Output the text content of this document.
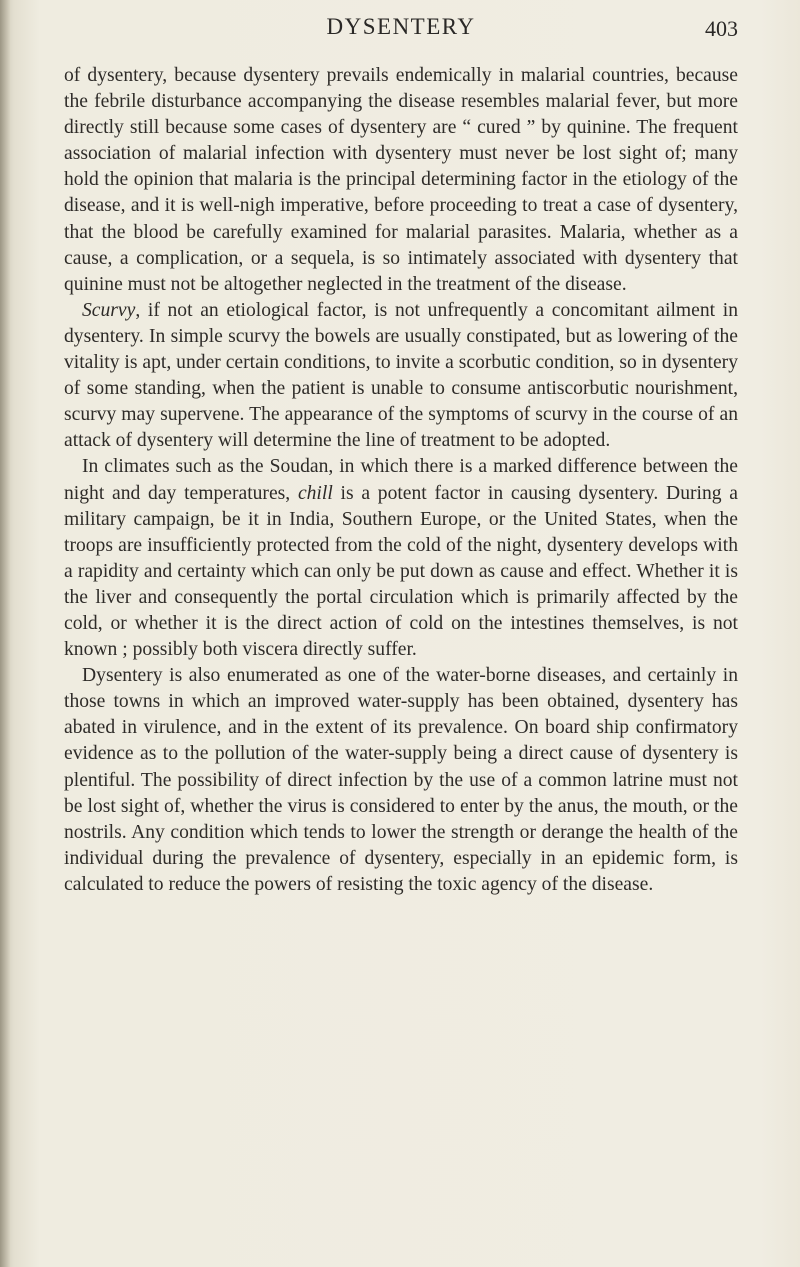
DYSENTERY	403

of dysentery, because dysentery prevails endemically in malarial countries, because the febrile disturbance accompanying the disease resembles malarial fever, but more directly still because some cases of dysentery are “ cured ” by quinine. The frequent association of malarial infection with dysentery must never be lost sight of; many hold the opinion that malaria is the principal determining factor in the etiology of the disease, and it is well-nigh imperative, before proceeding to treat a case of dysentery, that the blood be carefully examined for malarial parasites. Malaria, whether as a cause, a complication, or a sequela, is so intimately associated with dysentery that quinine must not be altogether neglected in the treatment of the disease.

Scurvy, if not an etiological factor, is not unfrequently a concomitant ailment in dysentery. In simple scurvy the bowels are usually constipated, but as lowering of the vitality is apt, under certain conditions, to invite a scorbutic condition, so in dysentery of some standing, when the patient is unable to consume antiscorbutic nourishment, scurvy may supervene. The appearance of the symptoms of scurvy in the course of an attack of dysentery will determine the line of treatment to be adopted.

In climates such as the Soudan, in which there is a marked difference between the night and day temperatures, chill is a potent factor in causing dysentery. During a military campaign, be it in India, Southern Europe, or the United States, when the troops are insufficiently protected from the cold of the night, dysentery develops with a rapidity and certainty which can only be put down as cause and effect. Whether it is the liver and consequently the portal circulation which is primarily affected by the cold, or whether it is the direct action of cold on the intestines themselves, is not known ; possibly both viscera directly suffer.

Dysentery is also enumerated as one of the water-borne diseases, and certainly in those towns in which an improved water-supply has been obtained, dysentery has abated in virulence, and in the extent of its prevalence. On board ship confirmatory evidence as to the pollution of the water-supply being a direct cause of dysentery is plentiful. The possibility of direct infection by the use of a common latrine must not be lost sight of, whether the virus is considered to enter by the anus, the mouth, or the nostrils. Any condition which tends to lower the strength or derange the health of the individual during the prevalence of dysentery, especially in an epidemic form, is calculated to reduce the powers of resisting the toxic agency of the disease.
